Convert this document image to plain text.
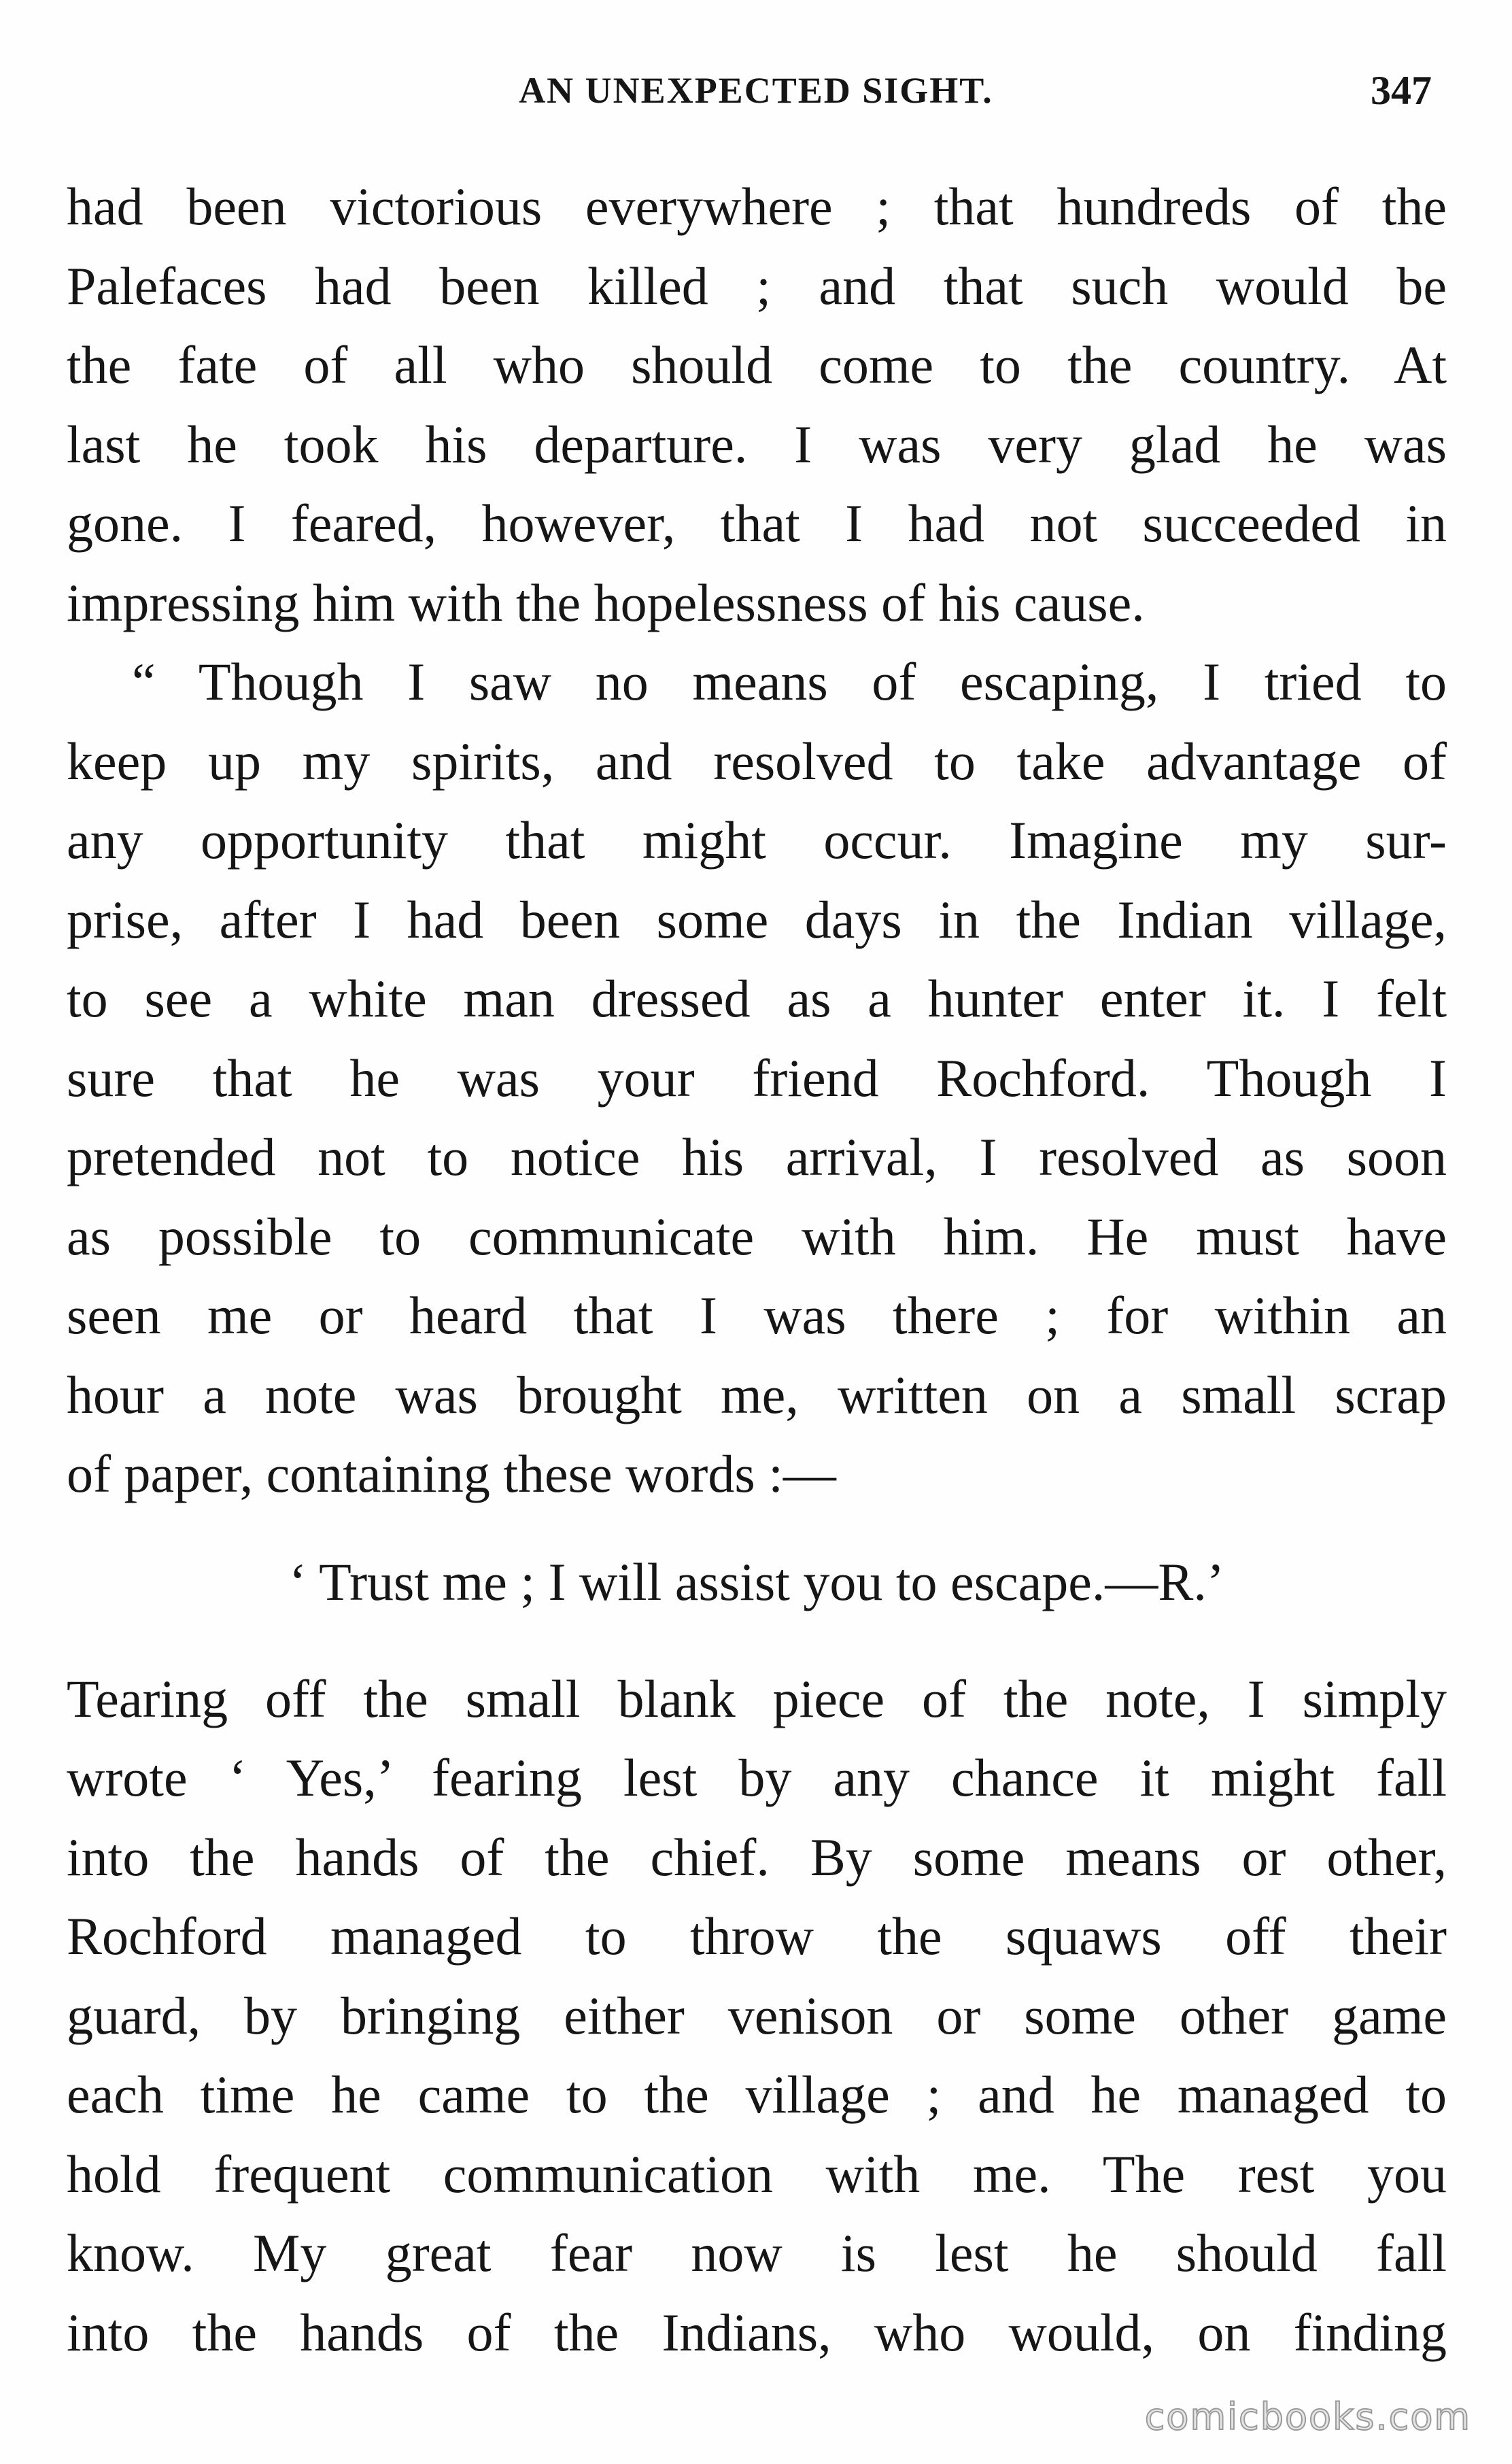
AN UNEXPECTED SIGHT.	347
had been victorious everywhere ; that hundreds of the
Palefaces had been killed ; and that such would be
the fate of all who should come to the country. At
last he took his departure. I was very glad he was
gone. I feared, however, that I had not succeeded in
impressing him with the hopelessness of his cause.
“ Though I saw no means of escaping, I tried to
keep up my spirits, and resolved to take advantage of
any opportunity that might occur. Imagine my sur-
prise, after I had been some days in the Indian village,
to see a white man dressed as a hunter enter it. I felt
sure that he was your friend Rochford. Though I
pretended not to notice his arrival, I resolved as soon
as possible to communicate with him. He must have
seen me or heard that I was there ; for within an
hour a note was brought me, written on a small scrap
of paper, containing these words :—
‘ Trust me ; I will assist you to escape.—R.’
Tearing off the small blank piece of the note, I simply
wrote ‘ Yes,’ fearing lest by any chance it might fall
into the hands of the chief. By some means or other,
Rochford managed to throw the squaws off their
guard, by bringing either venison or some other game
each time he came to the village ; and he managed to
hold frequent communication with me. The rest you
know. My great fear now is lest he should fall
into the hands of the Indians, who would, on finding
comicbooks.com
